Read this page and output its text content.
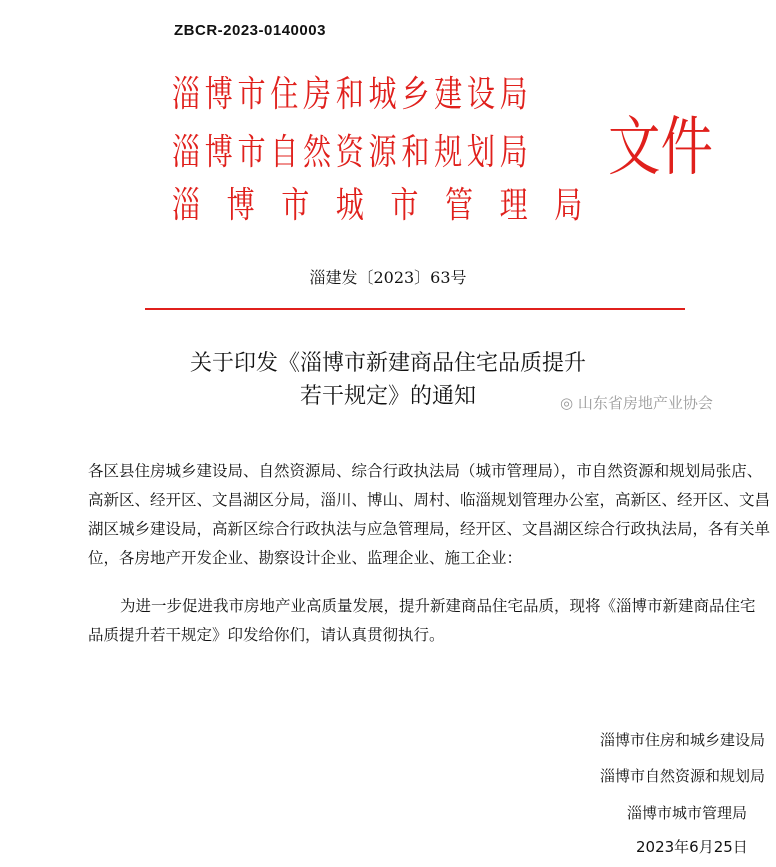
ZBCR-2023-0140003
淄博市住房和城乡建设局
淄博市自然资源和规划局
淄博市城市管理局
文件
淄建发〔2023〕63号
关于印发《淄博市新建商品住宅品质提升
若干规定》的通知	◎ 山东省房地产业协会
各区县住房城乡建设局、自然资源局、综合行政执法局（城市管理局），市自然资源和规划局张店、高新区、经开区、文昌湖区分局，淄川、博山、周村、临淄规划管理办公室，高新区、经开区、文昌湖区城乡建设局，高新区综合行政执法与应急管理局，经开区、文昌湖区综合行政执法局，各有关单位，各房地产开发企业、勘察设计企业、监理企业、施工企业：
为进一步促进我市房地产业高质量发展，提升新建商品住宅品质，现将《淄博市新建商品住宅品质提升若干规定》印发给你们，请认真贯彻执行。
淄博市住房和城乡建设局
淄博市自然资源和规划局
淄博市城市管理局
2023年6月25日
